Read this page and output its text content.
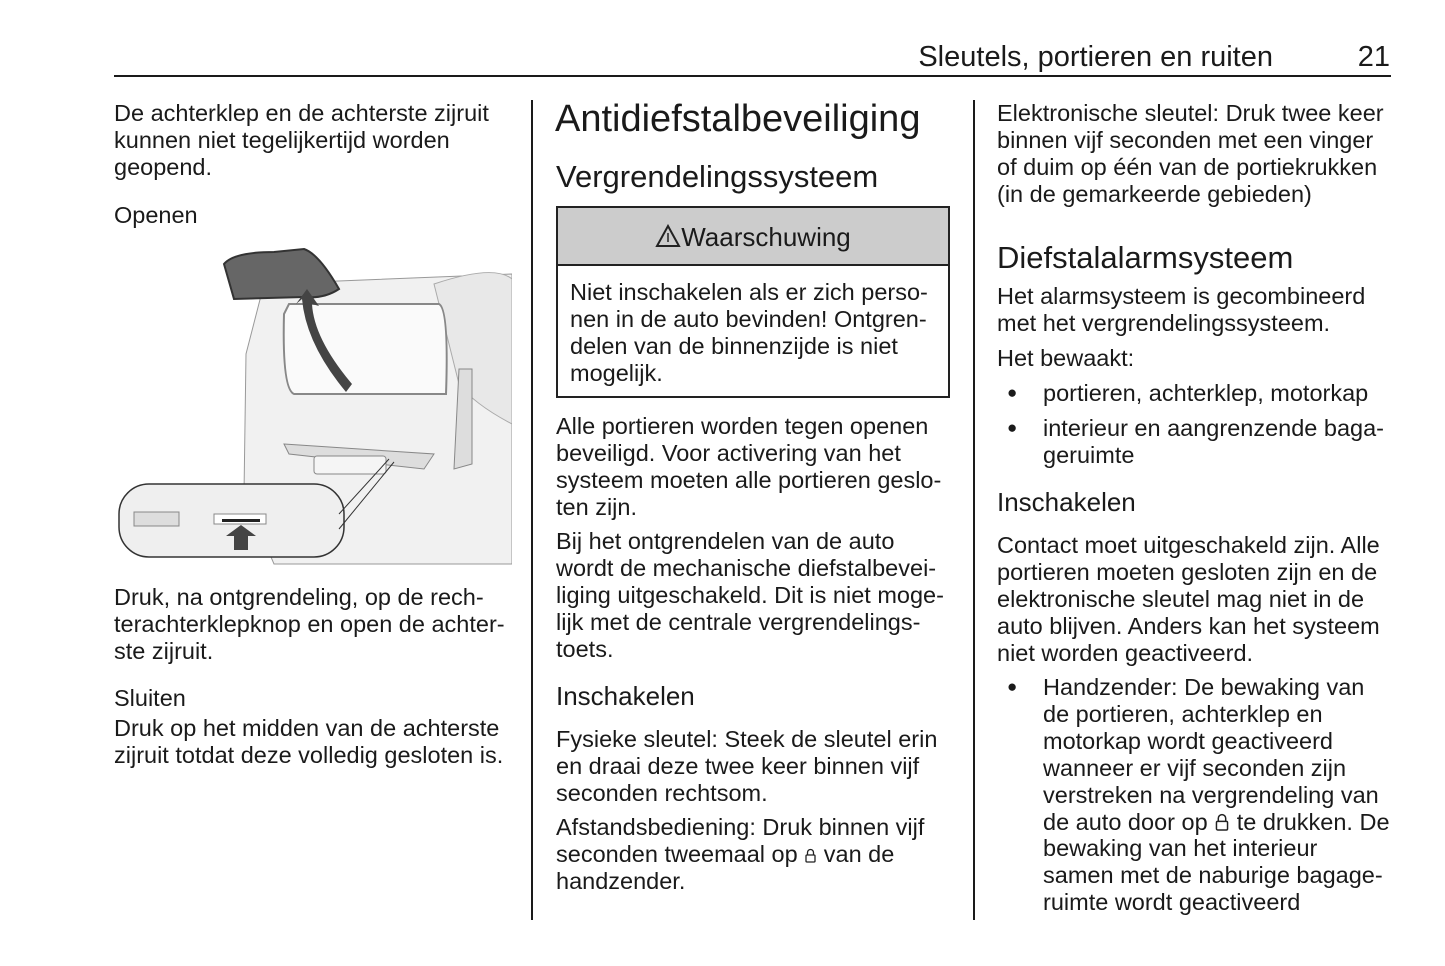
Sleutels, portieren en ruiten	21
De achterklep en de achterste zijruit
kunnen niet tegelijkertijd worden
geopend.
Openen
Druk, na ontgrendeling, op de rech-
terachterklepknop en open de achter-
ste zijruit.
Sluiten
Druk op het midden van de achterste
zijruit totdat deze volledig gesloten is.
Antidiefstalbeveiliging
Vergrendelingssysteem
Waarschuwing
Niet inschakelen als er zich perso-
nen in de auto bevinden! Ontgren-
delen van de binnenzijde is niet
mogelijk.
Alle portieren worden tegen openen
beveiligd. Voor activering van het
systeem moeten alle portieren geslo-
ten zijn.
Bij het ontgrendelen van de auto
wordt de mechanische diefstalbevei-
liging uitgeschakeld. Dit is niet moge-
lijk met de centrale vergrendelings-
toets.
Inschakelen
Fysieke sleutel: Steek de sleutel erin
en draai deze twee keer binnen vijf
seconden rechtsom.
Afstandsbediening: Druk binnen vijf
seconden tweemaal op van de
handzender.
Elektronische sleutel: Druk twee keer
binnen vijf seconden met een vinger
of duim op één van de portiekrukken
(in de gemarkeerde gebieden)
Diefstalalarmsysteem
Het alarmsysteem is gecombineerd
met het vergrendelingssysteem.
Het bewaakt:
● portieren, achterklep, motorkap
● interieur en aangrenzende baga-
geruimte
Inschakelen
Contact moet uitgeschakeld zijn. Alle
portieren moeten gesloten zijn en de
elektronische sleutel mag niet in de
auto blijven. Anders kan het systeem
niet worden geactiveerd.
● Handzender: De bewaking van
de portieren, achterklep en
motorkap wordt geactiveerd
wanneer er vijf seconden zijn
verstreken na vergrendeling van
de auto door op te drukken. De
bewaking van het interieur
samen met de naburige bagage-
ruimte wordt geactiveerd
